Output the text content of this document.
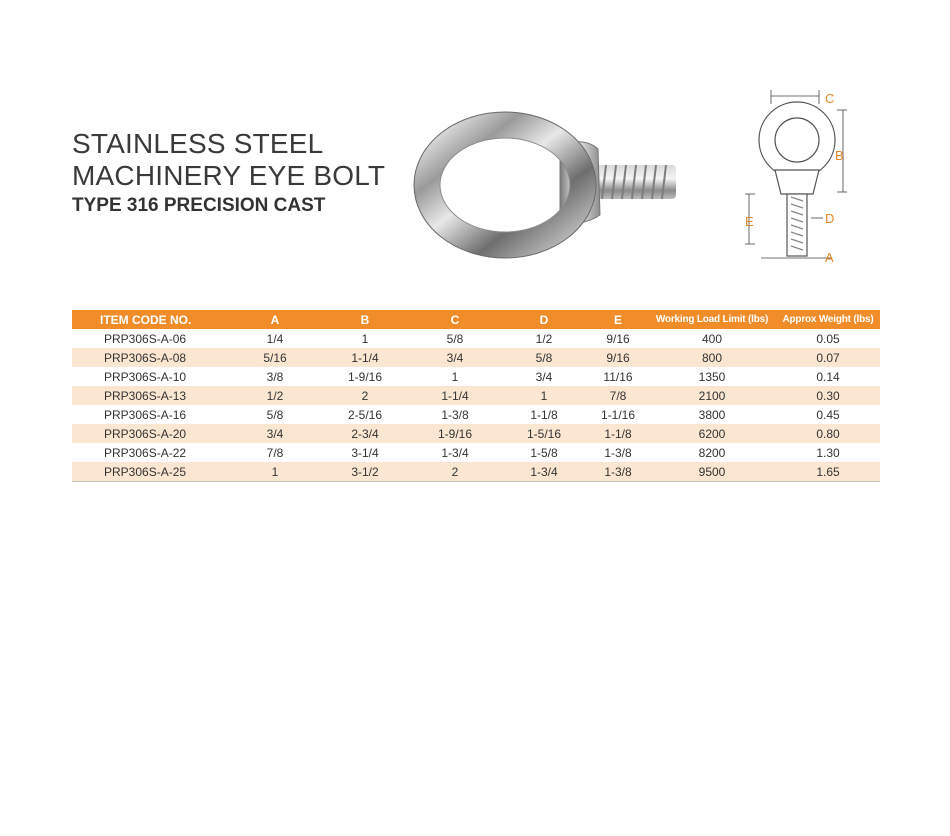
STAINLESS STEEL
MACHINERY EYE BOLT
TYPE 316 PRECISION CAST
C
B
E	D
A
ITEM CODE NO.	A	B	C	D	E	Working Load Limit (lbs)	Approx Weight (lbs)
PRP306S-A-06	1/4	1	5/8	1/2	9/16	400	0.05
PRP306S-A-08	5/16	1-1/4	3/4	5/8	9/16	800	0.07
PRP306S-A-10	3/8	1-9/16	1	3/4	11/16	1350	0.14
PRP306S-A-13	1/2	2	1-1/4	1	7/8	2100	0.30
PRP306S-A-16	5/8	2-5/16	1-3/8	1-1/8	1-1/16	3800	0.45
PRP306S-A-20	3/4	2-3/4	1-9/16	1-5/16	1-1/8	6200	0.80
PRP306S-A-22	7/8	3-1/4	1-3/4	1-5/8	1-3/8	8200	1.30
PRP306S-A-25	1	3-1/2	2	1-3/4	1-3/8	9500	1.65
